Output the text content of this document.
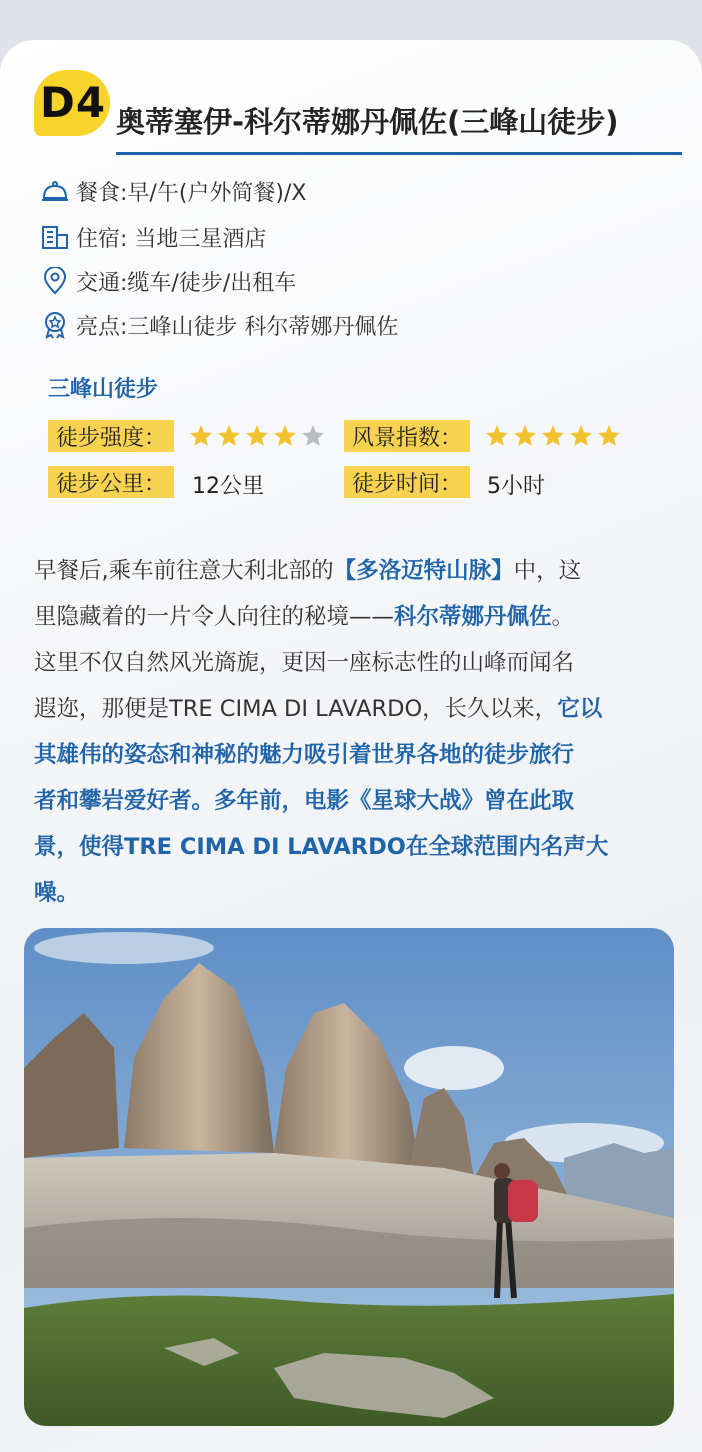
D4 奥蒂塞伊-科尔蒂娜丹佩佐(三峰山徒步)
餐食:早/午(户外简餐)/X
住宿: 当地三星酒店
交通:缆车/徒步/出租车
亮点:三峰山徒步 科尔蒂娜丹佩佐
三峰山徒步
徒步强度：	风景指数：
徒步公里：	12公里	徒步时间：	5小时
早餐后,乘车前往意大利北部的【多洛迈特山脉】中，这
里隐藏着的一片令人向往的秘境——科尔蒂娜丹佩佐。
这里不仅自然风光旖旎，更因一座标志性的山峰而闻名
遐迩，那便是TRE CIMA DI LAVARDO，长久以来，它以
其雄伟的姿态和神秘的魅力吸引着世界各地的徒步旅行
者和攀岩爱好者。多年前，电影《星球大战》曾在此取
景，使得TRE CIMA DI LAVARDO在全球范围内名声大
噪。
